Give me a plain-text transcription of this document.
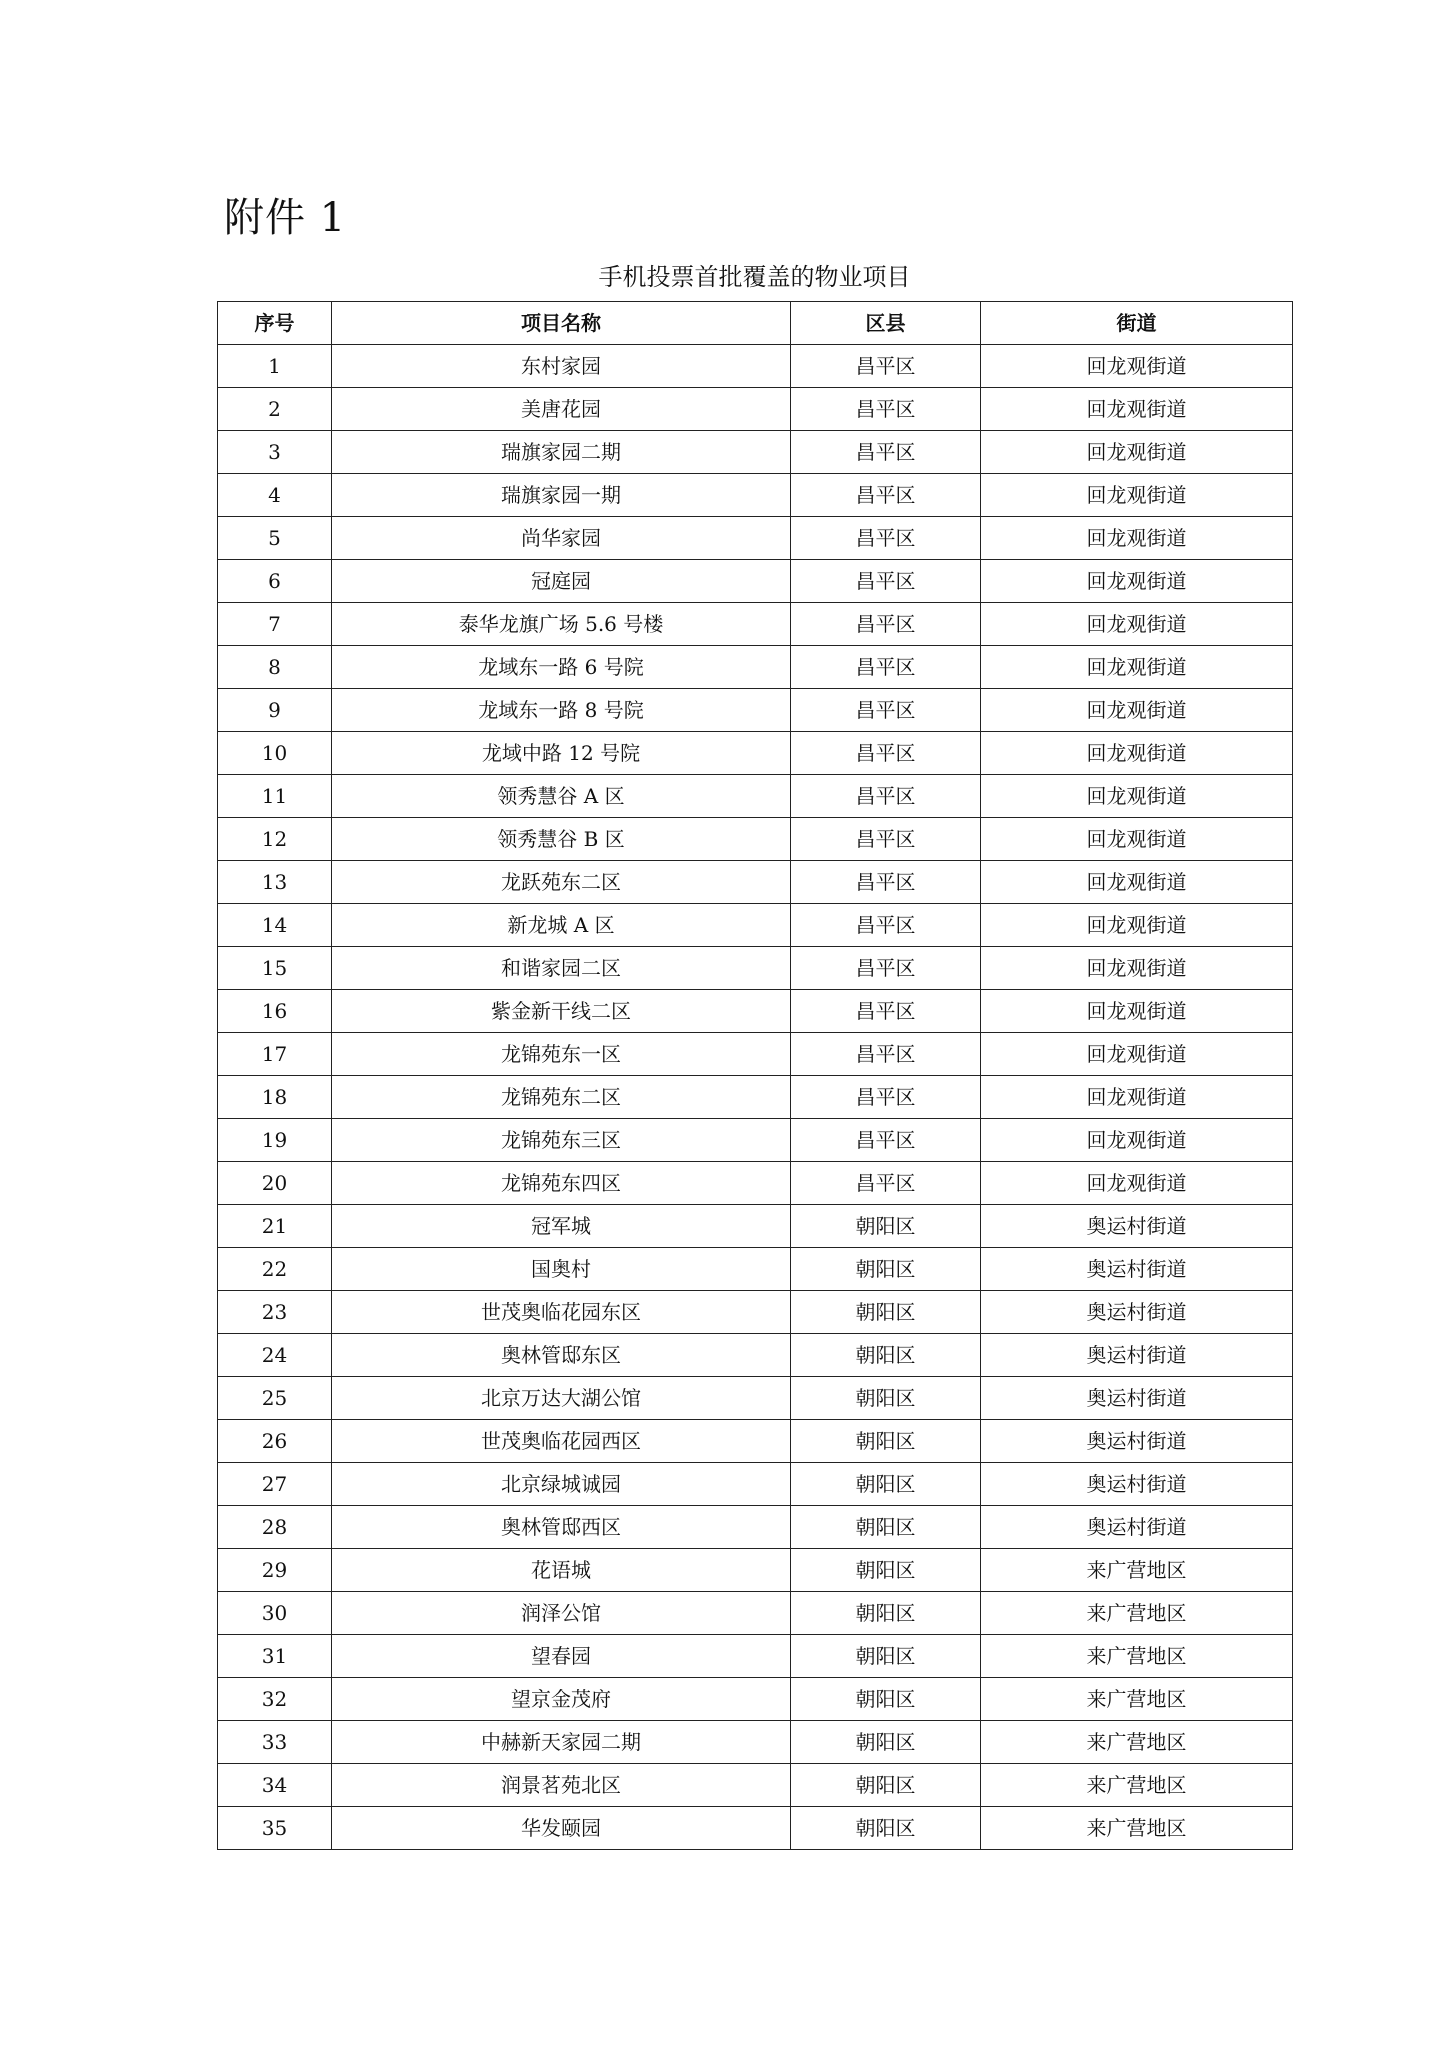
附件 1
手机投票首批覆盖的物业项目
序号	项目名称	区县	街道
1	东村家园	昌平区	回龙观街道
2	美唐花园	昌平区	回龙观街道
3	瑞旗家园二期	昌平区	回龙观街道
4	瑞旗家园一期	昌平区	回龙观街道
5	尚华家园	昌平区	回龙观街道
6	冠庭园	昌平区	回龙观街道
7	泰华龙旗广场 5.6 号楼	昌平区	回龙观街道
8	龙域东一路 6 号院	昌平区	回龙观街道
9	龙域东一路 8 号院	昌平区	回龙观街道
10	龙域中路 12 号院	昌平区	回龙观街道
11	领秀慧谷 A 区	昌平区	回龙观街道
12	领秀慧谷 B 区	昌平区	回龙观街道
13	龙跃苑东二区	昌平区	回龙观街道
14	新龙城 A 区	昌平区	回龙观街道
15	和谐家园二区	昌平区	回龙观街道
16	紫金新干线二区	昌平区	回龙观街道
17	龙锦苑东一区	昌平区	回龙观街道
18	龙锦苑东二区	昌平区	回龙观街道
19	龙锦苑东三区	昌平区	回龙观街道
20	龙锦苑东四区	昌平区	回龙观街道
21	冠军城	朝阳区	奥运村街道
22	国奥村	朝阳区	奥运村街道
23	世茂奥临花园东区	朝阳区	奥运村街道
24	奥林管邸东区	朝阳区	奥运村街道
25	北京万达大湖公馆	朝阳区	奥运村街道
26	世茂奥临花园西区	朝阳区	奥运村街道
27	北京绿城诚园	朝阳区	奥运村街道
28	奥林管邸西区	朝阳区	奥运村街道
29	花语城	朝阳区	来广营地区
30	润泽公馆	朝阳区	来广营地区
31	望春园	朝阳区	来广营地区
32	望京金茂府	朝阳区	来广营地区
33	中赫新天家园二期	朝阳区	来广营地区
34	润景茗苑北区	朝阳区	来广营地区
35	华发颐园	朝阳区	来广营地区
